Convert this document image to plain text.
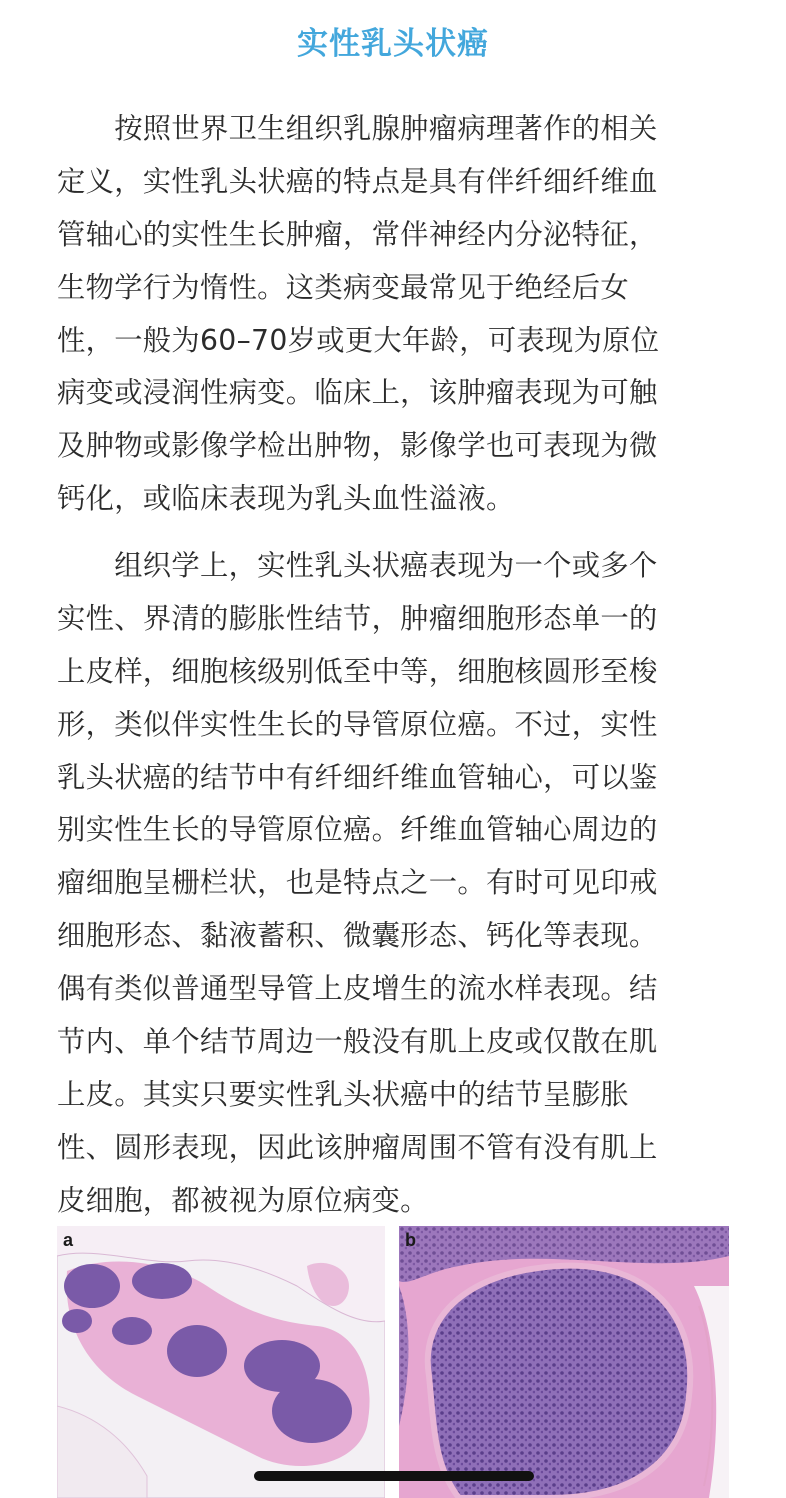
实性乳头状癌
　　按照世界卫生组织乳腺肿瘤病理著作的相关
定义，实性乳头状癌的特点是具有伴纤细纤维血
管轴心的实性生长肿瘤，常伴神经内分泌特征，
生物学行为惰性。这类病变最常见于绝经后女
性，一般为60–70岁或更大年龄，可表现为原位
病变或浸润性病变。临床上，该肿瘤表现为可触
及肿物或影像学检出肿物，影像学也可表现为微
钙化，或临床表现为乳头血性溢液。
　　组织学上，实性乳头状癌表现为一个或多个
实性、界清的膨胀性结节，肿瘤细胞形态单一的
上皮样，细胞核级别低至中等，细胞核圆形至梭
形，类似伴实性生长的导管原位癌。不过，实性
乳头状癌的结节中有纤细纤维血管轴心，可以鉴
别实性生长的导管原位癌。纤维血管轴心周边的
瘤细胞呈栅栏状，也是特点之一。有时可见印戒
细胞形态、黏液蓄积、微囊形态、钙化等表现。
偶有类似普通型导管上皮增生的流水样表现。结
节内、单个结节周边一般没有肌上皮或仅散在肌
上皮。其实只要实性乳头状癌中的结节呈膨胀
性、圆形表现，因此该肿瘤周围不管有没有肌上
皮细胞，都被视为原位病变。
a	b
